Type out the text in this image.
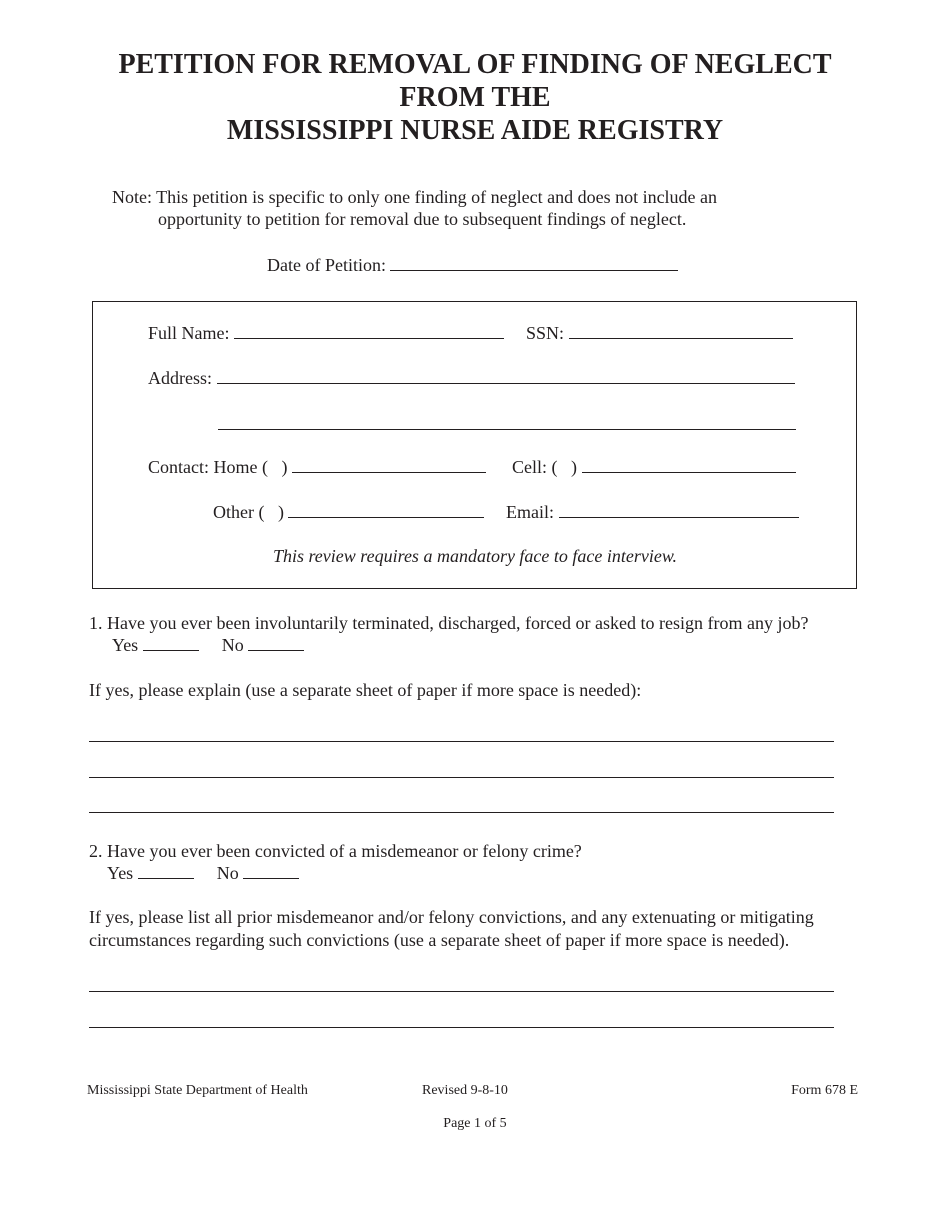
PETITION FOR REMOVAL OF FINDING OF NEGLECT
FROM THE
MISSISSIPPI NURSE AIDE REGISTRY
Note: This petition is specific to only one finding of neglect and does not include an
opportunity to petition for removal due to subsequent findings of neglect.
Date of Petition:
Full Name:	SSN:
Address:
Contact: Home (   )	Cell: (   )
Other (   )	Email:
This review requires a mandatory face to face interview.
1. Have you ever been involuntarily terminated, discharged, forced or asked to resign from any job?
Yes	No
If yes, please explain (use a separate sheet of paper if more space is needed):
2. Have you ever been convicted of a misdemeanor or felony crime?
Yes	No
If yes, please list all prior misdemeanor and/or felony convictions, and any extenuating or mitigating
circumstances regarding such convictions (use a separate sheet of paper if more space is needed).
Mississippi State Department of Health	Revised 9-8-10	Form 678 E
Page 1 of 5
